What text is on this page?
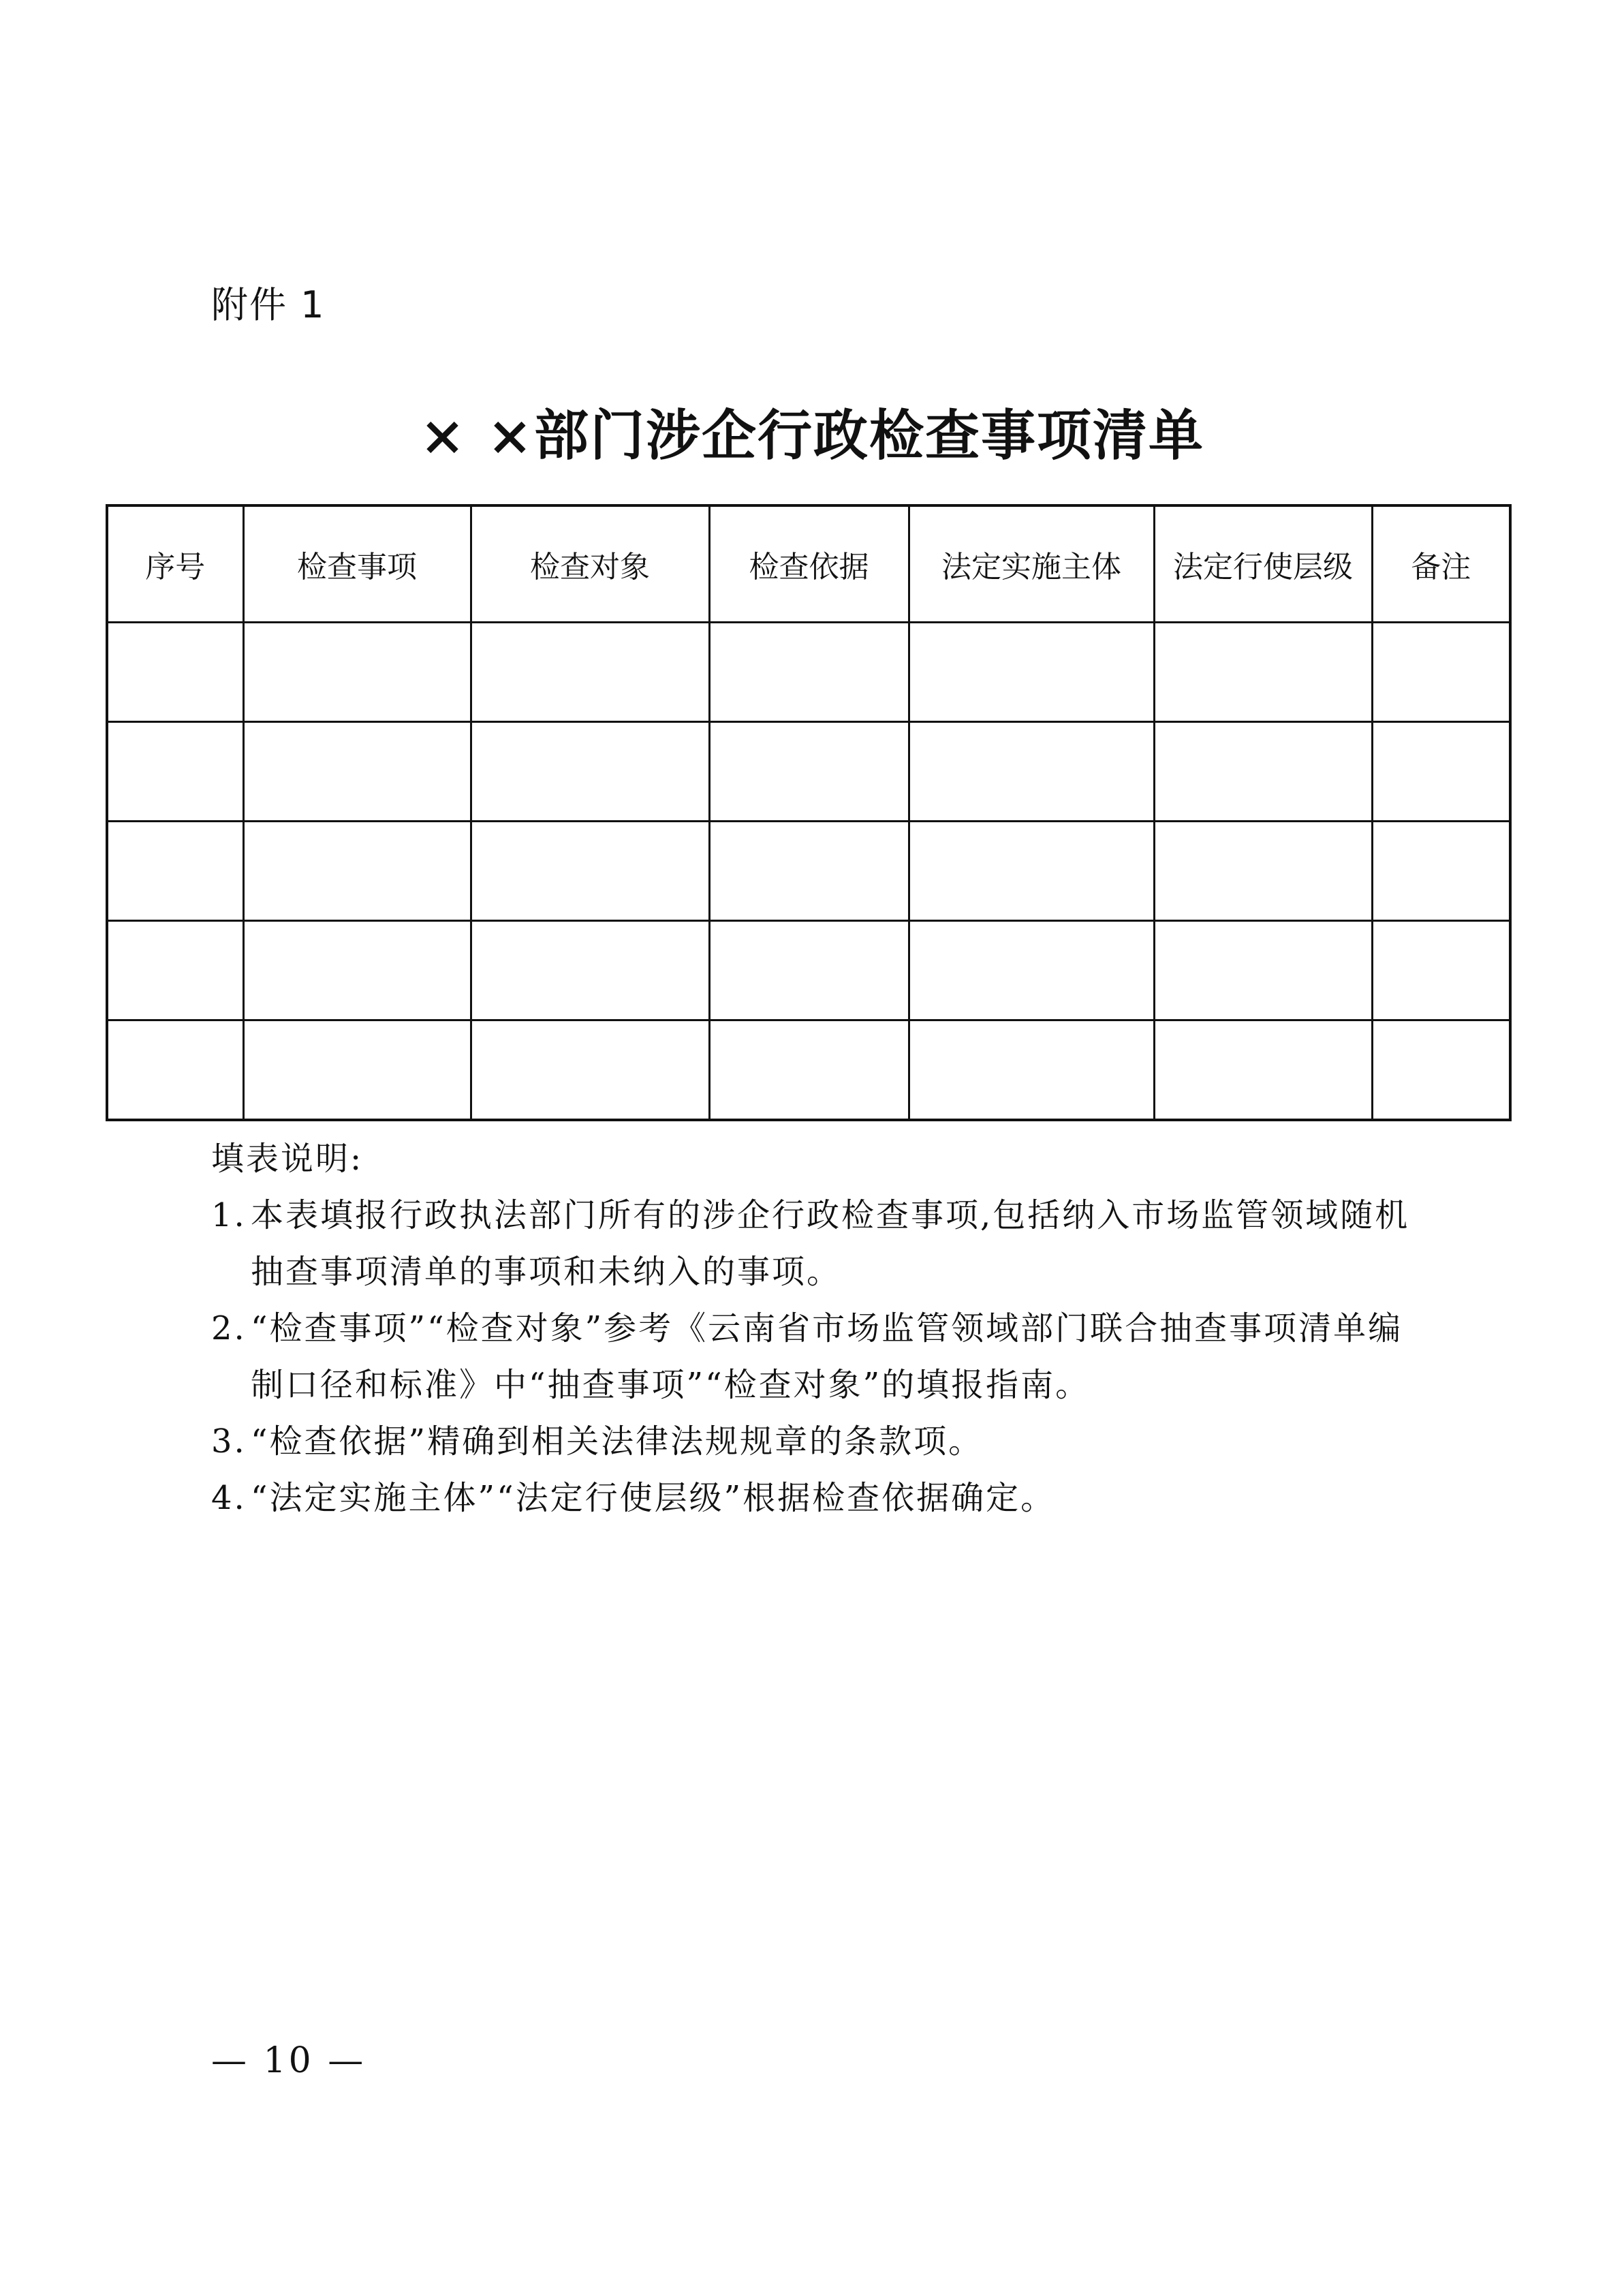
附件 1
× ×部门涉企行政检查事项清单
序号	检查事项	检查对象	检查依据	法定实施主体	法定行使层级	备注

填表说明:

1. 本表填报行政执法部门所有的涉企行政检查事项,包括纳入市场监管领域随机抽查事项清单的事项和未纳入的事项。

2. “检查事项”“检查对象”参考《云南省市场监管领域部门联合抽查事项清单编制口径和标准》中“抽查事项”“检查对象”的填报指南。

3. “检查依据”精确到相关法律法规规章的条款项。

4. “法定实施主体”“法定行使层级”根据检查依据确定。

— 10 —
